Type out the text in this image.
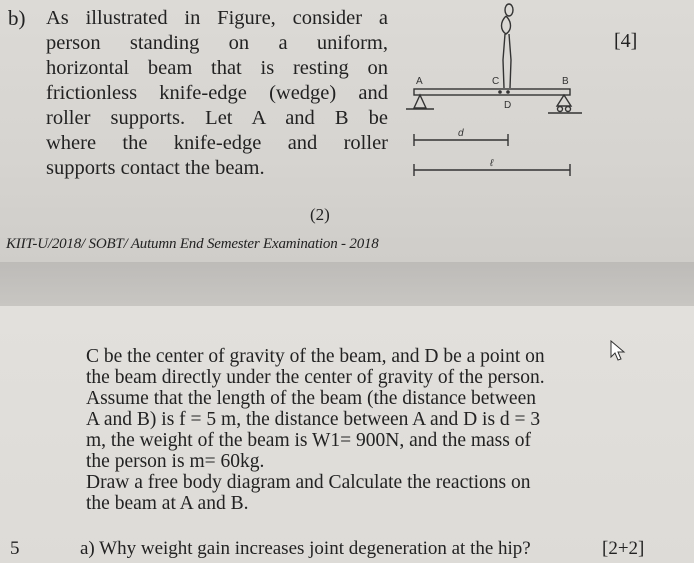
b) As illustrated in Figure, consider a
person standing on a uniform,
horizontal beam that is resting on
frictionless knife-edge (wedge) and
roller supports. Let A and B be
where the knife-edge and roller
supports contact the beam.
[4]
A	B
C
D
d
ℓ
(2)
KIIT-U/2018/ SOBT/ Autumn End Semester Examination - 2018
C be the center of gravity of the beam, and D be a point on
the beam directly under the center of gravity of the person.
Assume that the length of the beam (the distance between
A and B) is f = 5 m, the distance between A and D is d = 3
m, the weight of the beam is W1= 900N, and the mass of
the person is m= 60kg.
Draw a free body diagram and Calculate the reactions on
the beam at A and B.
5	a) Why weight gain increases joint degeneration at the hip?	[2+2]
